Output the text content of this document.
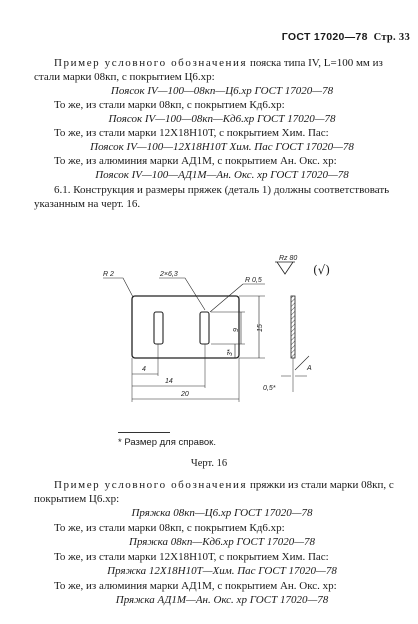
ГОСТ 17020—78 Стр. 33
Пример условного обозначения пояска типа IV, L=100 мм из стали марки 08кп, с покрытием Ц6.хр:
Поясок IV—100—08кп—Ц6.хр ГОСТ 17020—78
То же, из стали марки 08кп, с покрытием Кд6.хр:
Поясок IV—100—08кп—Кд6.хр ГОСТ 17020—78
То же, из стали марки 12Х18Н10Т, с покрытием Хим. Пас:
Поясок IV—100—12Х18Н10Т Хим. Пас ГОСТ 17020—78
То же, из алюминия марки АД1М, с покрытием Ан. Окс. хр:
Поясок IV—100—АД1М—Ан. Окс. хр ГОСТ 17020—78
6.1. Конструкция и размеры пряжек (деталь 1) должны соответствовать указанным на черт. 16.
Rz 80
(√)
R 2	2×6,3
R 0,5
15
9
3*
4
14
20
0,5*
A
* Размер для справок.
Черт. 16
Пример условного обозначения пряжки из стали марки 08кп, с покрытием Ц6.хр:
Пряжка 08кп—Ц6.хр ГОСТ 17020—78
То же, из стали марки 08кп, с покрытием Кд6.хр:
Пряжка 08кп—Кд6.хр ГОСТ 17020—78
То же, из стали марки 12Х18Н10Т, с покрытием Хим. Пас:
Пряжка 12Х18Н10Т—Хим. Пас ГОСТ 17020—78
То же, из алюминия марки АД1М, с покрытием Ан. Окс. хр:
Пряжка АД1М—Ан. Окс. хр ГОСТ 17020—78
